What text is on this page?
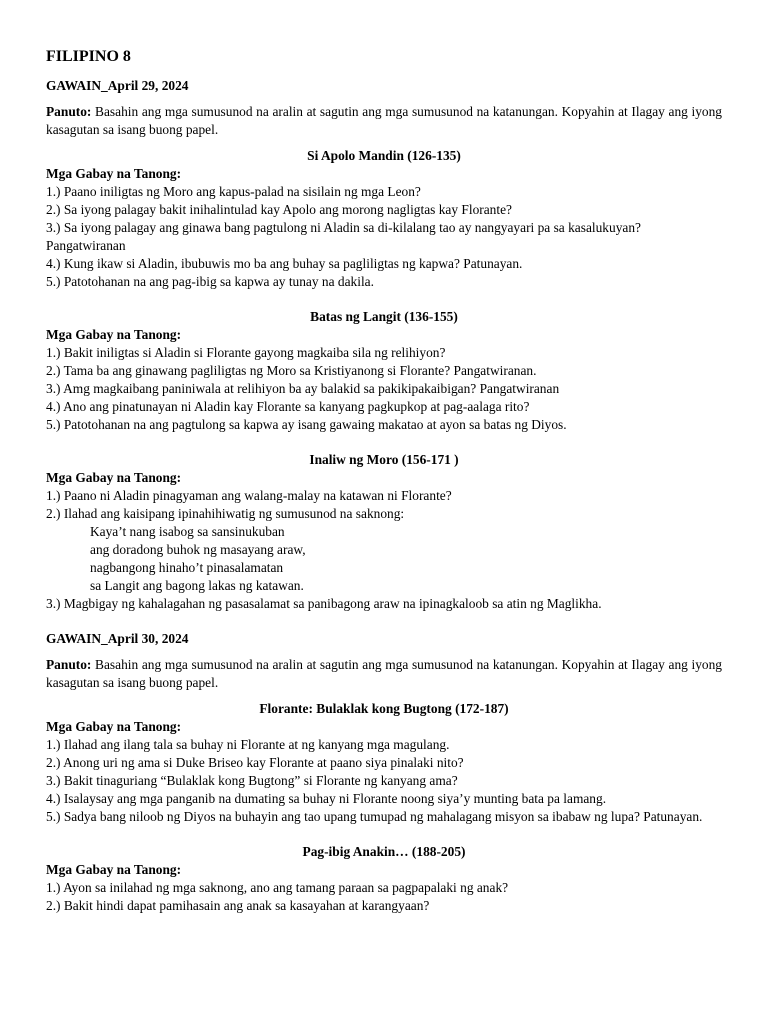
FILIPINO 8
GAWAIN_April 29, 2024

Panuto: Basahin ang mga sumusunod na aralin at sagutin ang mga sumusunod na katanungan. Kopyahin at Ilagay ang iyong kasagutan sa isang buong papel.

Si Apolo Mandin (126-135)
Mga Gabay na Tanong:
1.) Paano iniligtas ng Moro ang kapus-palad na sisilain ng mga Leon?
2.) Sa iyong palagay bakit inihalintulad kay Apolo ang morong nagligtas kay Florante?
3.) Sa iyong palagay ang ginawa bang pagtulong ni Aladin sa di-kilalang tao ay nangyayari pa sa kasalukuyan? Pangatwiranan
4.) Kung ikaw si Aladin, ibubuwis mo ba ang buhay sa pagliligtas ng kapwa? Patunayan.
5.) Patotohanan na ang pag-ibig sa kapwa ay tunay na dakila.
Batas ng Langit (136-155)
Mga Gabay na Tanong:
1.) Bakit iniligtas si Aladin si Florante gayong magkaiba sila ng relihiyon?
2.) Tama ba ang ginawang pagliligtas ng Moro sa Kristiyanong si Florante? Pangatwiranan.
3.) Amg magkaibang paniniwala at relihiyon ba ay balakid sa pakikipakaibigan? Pangatwiranan
4.) Ano ang pinatunayan ni Aladin kay Florante sa kanyang pagkupkop at pag-aalaga rito?
5.) Patotohanan na ang pagtulong sa kapwa ay isang gawaing makatao at ayon sa batas ng Diyos.
Inaliw ng Moro (156-171 )
Mga Gabay na Tanong:
1.) Paano ni Aladin pinagyaman ang walang-malay na katawan ni Florante?
2.) Ilahad ang kaisipang ipinahihiwatig ng sumusunod na saknong:
Kaya’t nang isabog sa sansinukuban
ang doradong buhok ng masayang araw,
nagbangong hinaho’t pinasalamatan
sa Langit ang bagong lakas ng katawan.
3.) Magbigay ng kahalagahan ng pasasalamat sa panibagong araw na ipinagkaloob sa atin ng Maglikha.
GAWAIN_April 30, 2024

Panuto: Basahin ang mga sumusunod na aralin at sagutin ang mga sumusunod na katanungan. Kopyahin at Ilagay ang iyong kasagutan sa isang buong papel.

Florante: Bulaklak kong Bugtong (172-187)
Mga Gabay na Tanong:
1.) Ilahad ang ilang tala sa buhay ni Florante at ng kanyang mga magulang.
2.) Anong uri ng ama si Duke Briseo kay Florante at paano siya pinalaki nito?
3.) Bakit tinaguriang “Bulaklak kong Bugtong” si Florante ng kanyang ama?
4.) Isalaysay ang mga panganib na dumating sa buhay ni Florante noong siya’y munting bata pa lamang.
5.) Sadya bang niloob ng Diyos na buhayin ang tao upang tumupad ng mahalagang misyon sa ibabaw ng lupa? Patunayan.
Pag-ibig Anakin… (188-205)
Mga Gabay na Tanong:
1.) Ayon sa inilahad ng mga saknong, ano ang tamang paraan sa pagpapalaki ng anak?
2.) Bakit hindi dapat pamihasain ang anak sa kasayahan at karangyaan?
